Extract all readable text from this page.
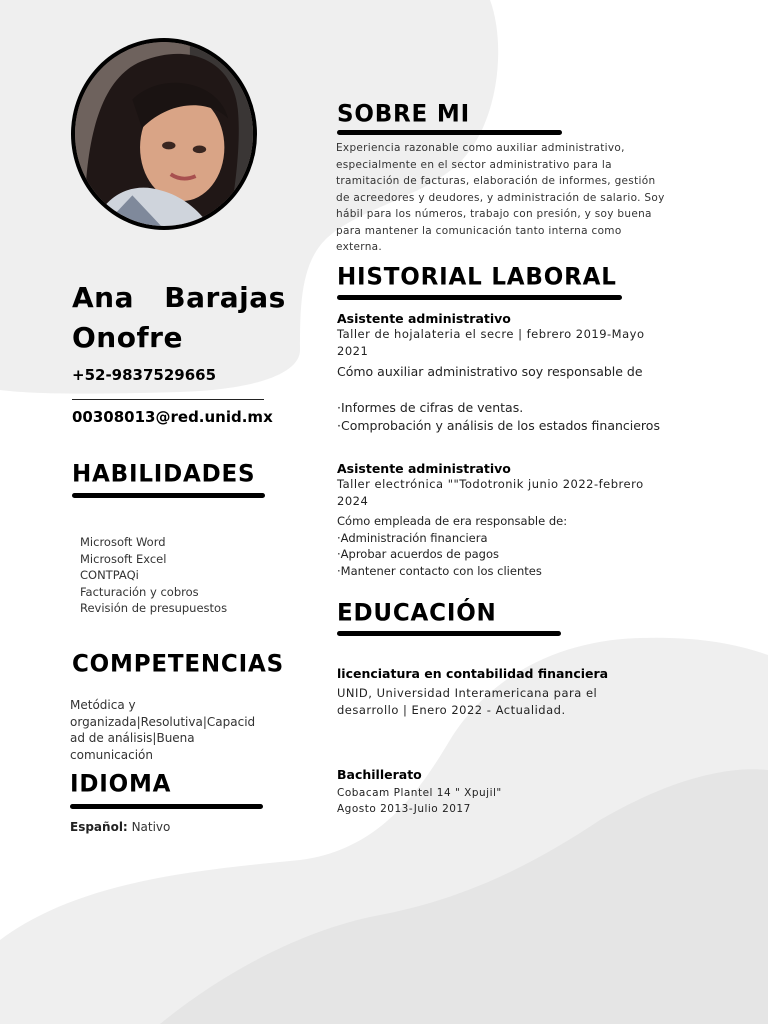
Ana Barajas Onofre
+52-9837529665
00308013@red.unid.mx
HABILIDADES
Microsoft Word
Microsoft Excel
CONTPAQi
Facturación y cobros
Revisión de presupuestos
COMPETENCIAS
Metódica y organizada|Resolutiva|Capacid
ad de análisis|Buena
comunicación
IDIOMA
Español: Nativo
SOBRE MI
Experiencia razonable como auxiliar administrativo, especialmente en el sector administrativo para la tramitación de facturas, elaboración de informes, gestión de acreedores y deudores, y administración de salario. Soy hábil para los números, trabajo con presión, y soy buena para mantener la comunicación tanto interna como externa.
HISTORIAL LABORAL
Asistente administrativo
Taller de hojalateria el secre | febrero 2019-Mayo 2021
Cómo auxiliar administrativo soy responsable de
·Informes de cifras de ventas.
·Comprobación y análisis de los estados financieros
Asistente administrativo
Taller electrónica ""Todotronik junio 2022-febrero 2024
Cómo empleada de era responsable de:
·Administración financiera
·Aprobar acuerdos de pagos
·Mantener contacto con los clientes
EDUCACIÓN
licenciatura en contabilidad financiera
UNID, Universidad Interamericana para el desarrollo | Enero 2022 - Actualidad.
Bachillerato
Cobacam Plantel 14 " Xpujil"
Agosto 2013-Julio 2017
